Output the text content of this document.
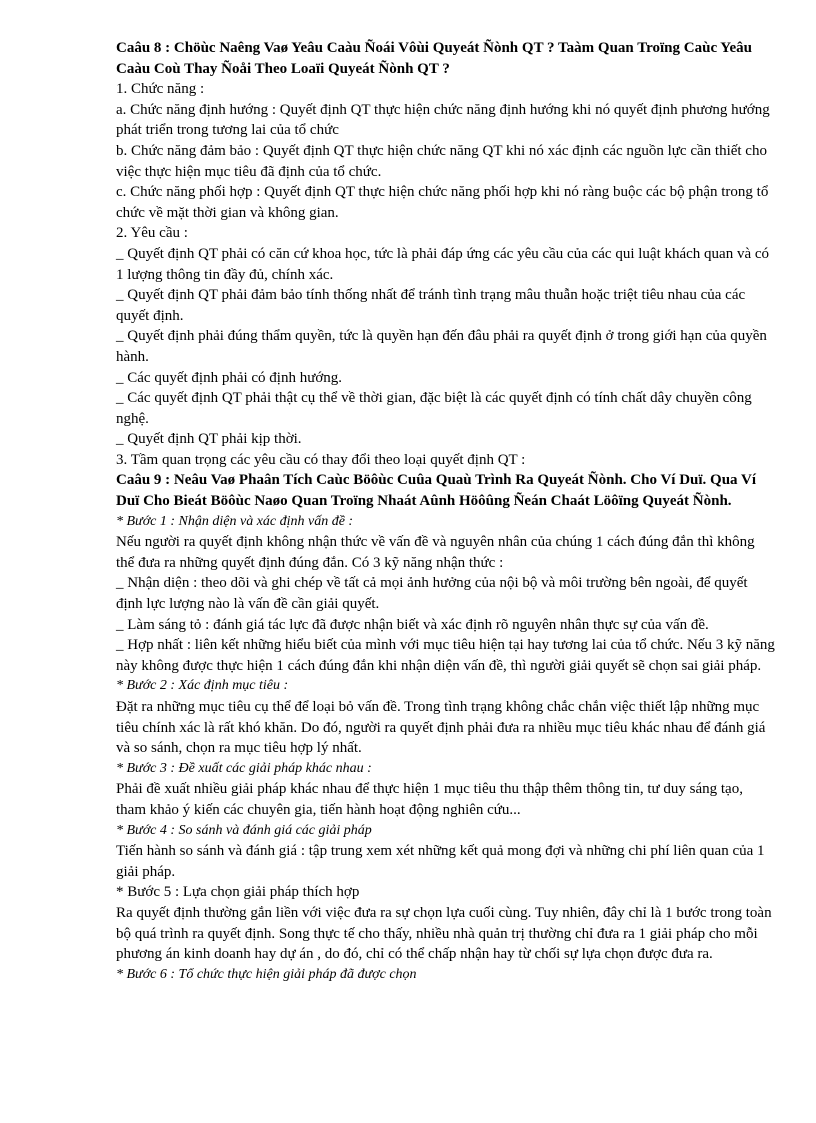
Caâu 8 : Chöùc Naêng Vaø Yeâu Caàu Ñoái Vôùi Quyeát Ñònh QT ? Taàm Quan Troïng Caùc Yeâu Caàu Coù Thay Ñoåi Theo Loaïi Quyeát Ñònh QT ?

1. Chức năng :

a. Chức năng định hướng : Quyết định QT thực hiện chức năng định hướng khi nó quyết định phương hướng phát triển trong tương lai của tổ chức

b. Chức năng đảm bảo : Quyết định QT thực hiện chức năng QT khi nó xác định các nguồn lực cần thiết cho việc thực hiện mục tiêu đã định của tổ chức.

c. Chức năng phối hợp : Quyết định QT thực hiện chức năng phối hợp khi nó ràng buộc các bộ phận trong tổ chức về mặt thời gian và không gian.

2. Yêu cầu :

_ Quyết định QT phải có căn cứ khoa học, tức là phải đáp ứng các yêu cầu của các qui luật khách quan và có 1 lượng thông tin đầy đủ, chính xác.

_ Quyết định QT phải đảm bảo tính thống nhất để tránh tình trạng mâu thuẫn hoặc triệt tiêu nhau của các quyết định.

_ Quyết định phải đúng thẩm quyền, tức là quyền hạn đến đâu phải ra quyết định ở trong giới hạn của quyền hành.

_ Các quyết định phải có định hướng.

_ Các quyết định QT phải thật cụ thể về thời gian, đặc biệt là các quyết định có tính chất dây chuyền công nghệ.

_ Quyết định QT phải kịp thời.

3. Tầm quan trọng các yêu cầu có thay đổi theo loại quyết định QT :

Caâu 9 : Neâu Vaø Phaân Tích Caùc Böôùc Cuûa Quaù Trình Ra Quyeát Ñònh. Cho Ví Duï. Qua Ví Duï Cho Bieát Böôùc Naøo Quan Troïng Nhaát Aûnh Höôûng Ñeán Chaát Löôïng Quyeát Ñònh.

* Bước 1 : Nhận diện và xác định vấn đề :

Nếu người ra quyết định không nhận thức về vấn đề và nguyên nhân của chúng 1 cách đúng đắn thì không thể đưa ra những quyết định đúng đắn. Có 3 kỹ năng nhận thức :

_ Nhận diện : theo dõi và ghi chép về tất cả mọi ảnh hưởng của nội bộ và môi trường bên ngoài, để quyết định lực lượng nào là vấn đề cần giải quyết.

_ Làm sáng tỏ : đánh giá tác lực đã được nhận biết và xác định rõ nguyên nhân thực sự của vấn đề.

_ Hợp nhất : liên kết những hiểu biết của mình với mục tiêu hiện tại hay tương lai của tổ chức. Nếu 3 kỹ năng này không được thực hiện 1 cách đúng đắn khi nhận diện vấn đề, thì người giải quyết sẽ chọn sai giải pháp.

* Bước 2 : Xác định mục tiêu :

Đặt ra những mục tiêu cụ thể để loại bỏ vấn đề. Trong tình trạng không chắc chắn việc thiết lập những mục tiêu chính xác là rất khó khăn. Do đó, người ra quyết định phải đưa ra nhiều mục tiêu khác nhau để đánh giá và so sánh, chọn ra mục tiêu hợp lý nhất.

* Bước 3 : Đề xuất các giải pháp khác nhau :

Phải đề xuất nhiều giải pháp khác nhau để thực hiện 1 mục tiêu thu thập thêm thông tin, tư duy sáng tạo, tham khảo ý kiến các chuyên gia, tiến hành hoạt động nghiên cứu...

* Bước 4 : So sánh và đánh giá các giải pháp

Tiến hành so sánh và đánh giá : tập trung xem xét những kết quả mong đợi và những chi phí liên quan của 1 giải pháp.

* Bước 5 : Lựa chọn giải pháp thích hợp

Ra quyết định thường gắn liền với việc đưa ra sự chọn lựa cuối cùng. Tuy nhiên, đây chỉ là 1 bước trong toàn bộ quá trình ra quyết định. Song thực tế cho thấy, nhiều nhà quản trị thường chỉ đưa ra 1 giải pháp cho mỗi phương án kinh doanh hay dự án , do đó, chỉ có thể chấp nhận hay từ chối sự lựa chọn được đưa ra.

* Bước 6 : Tổ chức thực hiện giải pháp đã được chọn
